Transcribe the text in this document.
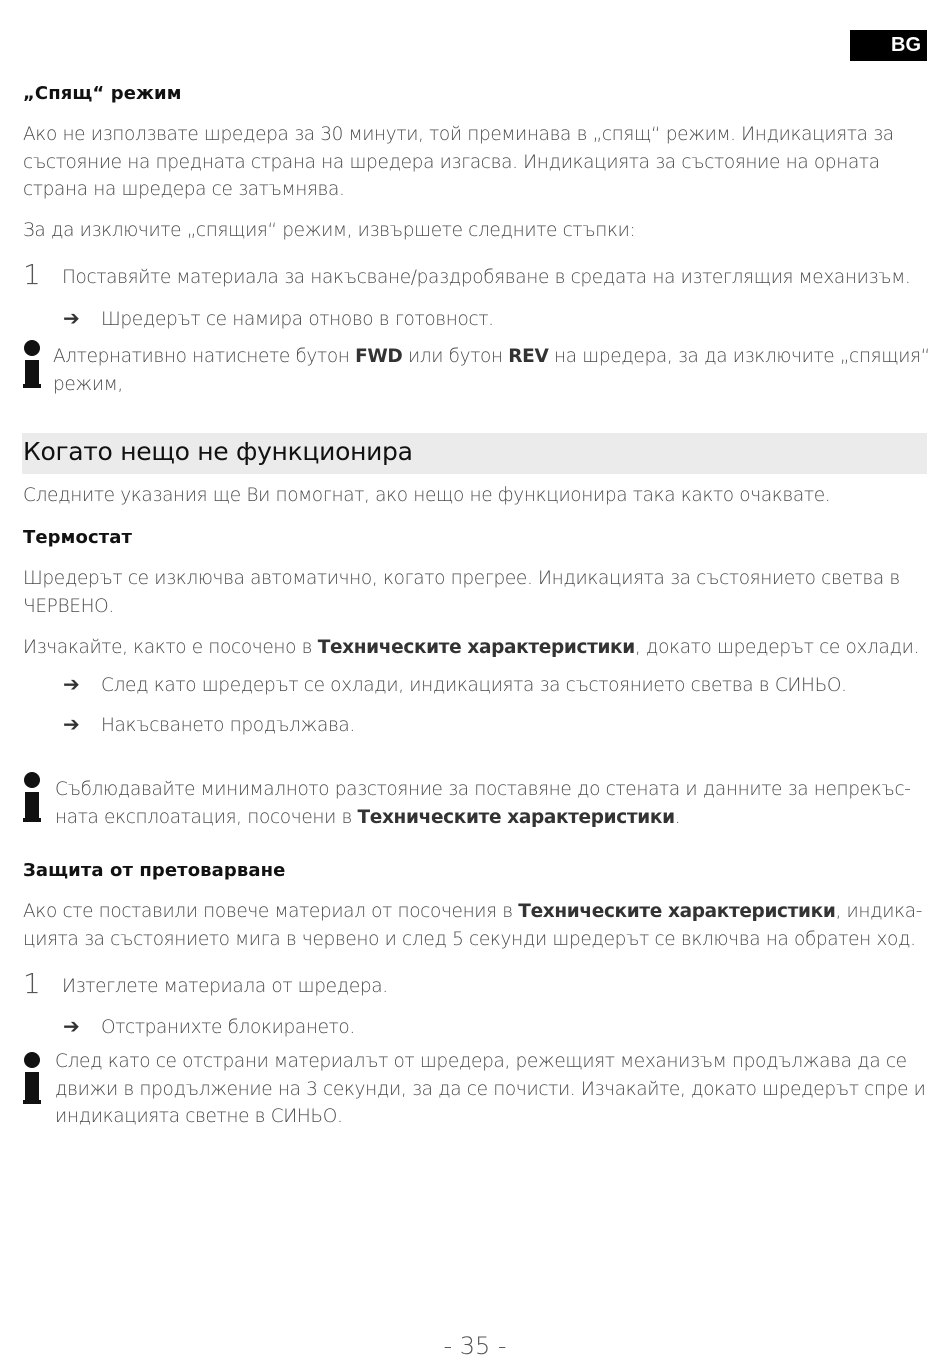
BG
„Спящ“ режим
Ако не използвате шредера за 30 минути, той преминава в „спящ“ режим. Индикацията за
състояние на предната страна на шредера изгасва. Индикацията за състояние на орната
страна на шредера се затъмнява.
За да изключите „спящия“ режим, извършете следните стъпки:
1 Поставяйте материала за накъсване/раздробяване в средата на изтеглящия механизъм.
➔ Шредерът се намира отново в готовност.
Алтернативно натиснете бутон FWD или бутон REV на шредера, за да изключите „спящия“
режим,
Когато нещо не функционира
Следните указания ще Ви помогнат, ако нещо не функционира така както очаквате.
Термостат
Шредерът се изключва автоматично, когато прегрее. Индикацията за състоянието светва в
ЧЕРВЕНО.
Изчакайте, както е посочено в Техническите характеристики, докато шредерът се охлади.
➔ След като шредерът се охлади, индикацията за състоянието светва в СИНЬО.
➔ Накъсването продължава.
Съблюдавайте минималното разстояние за поставяне до стената и данните за непрекъс-
ната експлоатация, посочени в Техническите характеристики.
Защита от претоварване
Ако сте поставили повече материал от посочения в Техническите характеристики, индика-
цията за състоянието мига в червено и след 5 секунди шредерът се включва на обратен ход.
1 Изтеглете материала от шредера.
➔ Отстранихте блокирането.
След като се отстрани материалът от шредера, режещият механизъм продължава да се
движи в продължение на 3 секунди, за да се почисти. Изчакайте, докато шредерът спре и
индикацията светне в СИНЬО.
- 35 -
